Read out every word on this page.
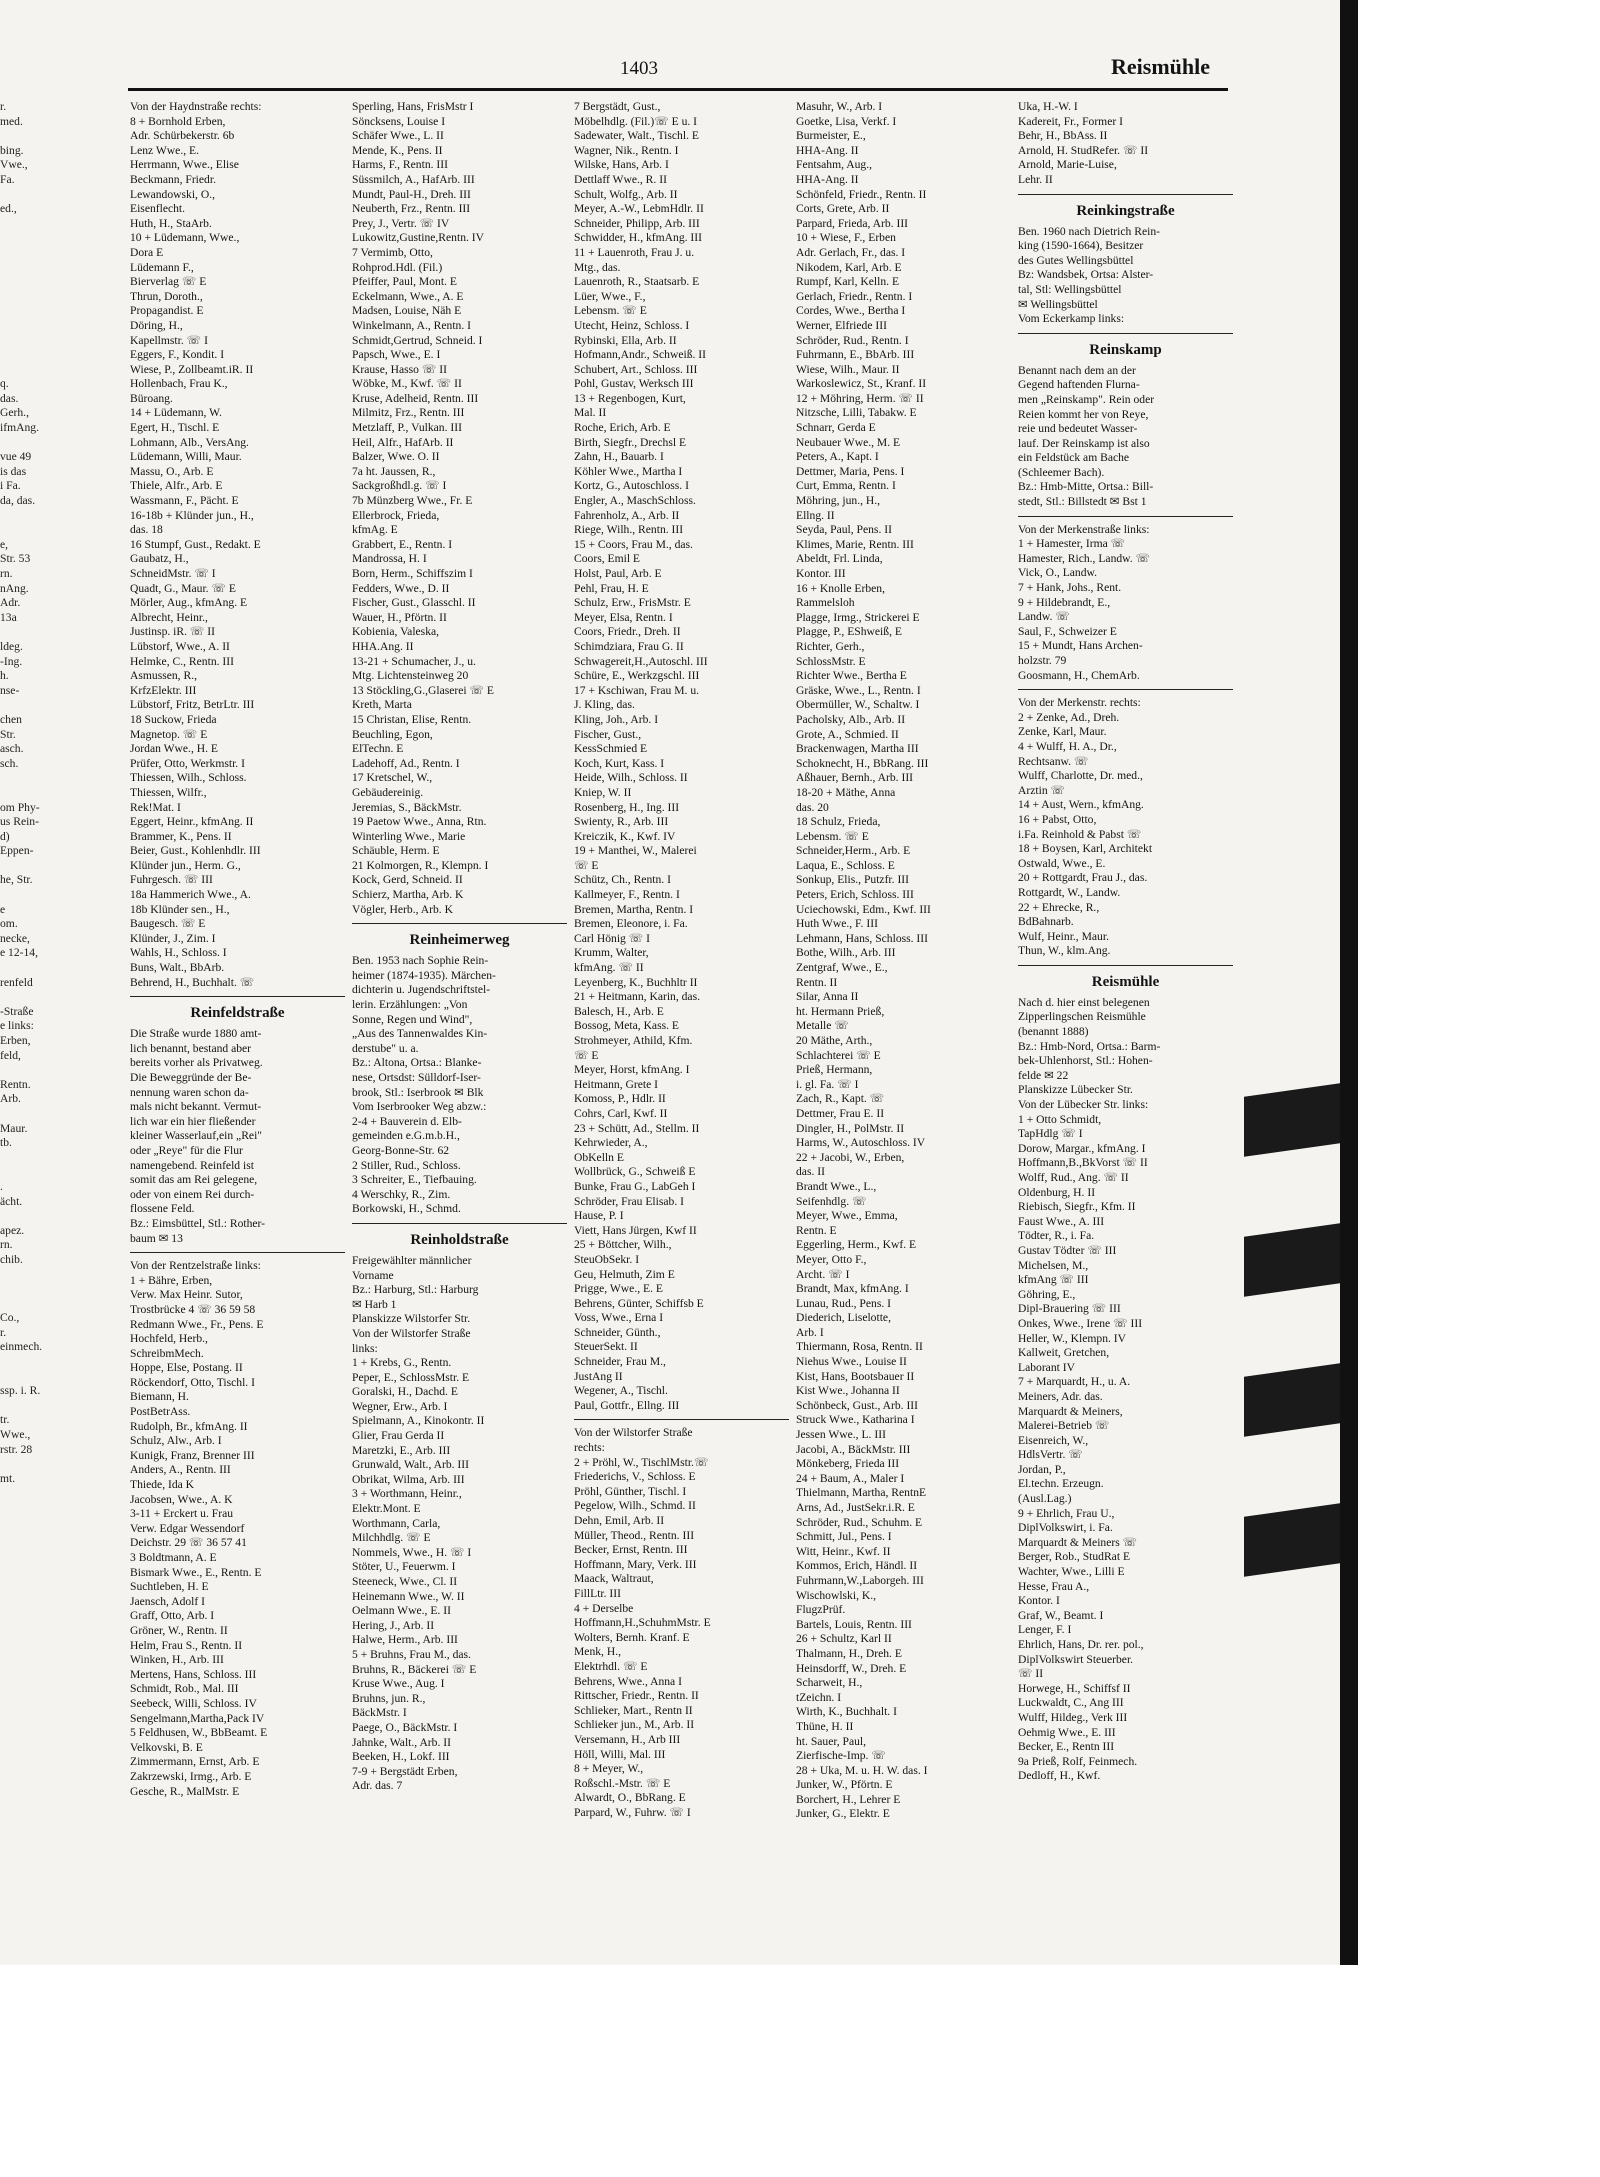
1403	Reismühle
r.
med.

bing.
Vwe.,
Fa.

ed.,

q.
das.
Gerh.,
ifmAng.

vue 49
is das
i Fa.
da, das.

e,
Str. 53
rn.
nAng.
Adr.
13a

ldeg.
-Ing.
h.
nse-

chen
Str.
asch.
sch.

om Phy-
us Rein-
d)
Eppen-

he, Str.

e
om.
necke,
e 12-14,

renfeld

-Straße
e links:
Erben,
feld,

Rentn.
Arb.

Maur.
tb.

.
ächt.

apez.
rn.
chib.

Co.,
r.
einmech.

ssp. i. R.

tr.
Wwe.,
rstr. 28

mt.
Von der Haydnstraße rechts:
8 + Bornhold Erben,
Adr. Schürbekerstr. 6b
Lenz Wwe., E.
Herrmann, Wwe., Elise
Beckmann, Friedr.
Lewandowski, O.,
Eisenflecht.
Huth, H., StaArb.
10 + Lüdemann, Wwe.,
Dora E
Lüdemann F.,
Bierverlag ☏ E
Thrun, Doroth.,
Propagandist. E
Döring, H.,
Kapellmstr. ☏ I
Eggers, F., Kondit. I
Wiese, P., Zollbeamt.iR. II
Hollenbach, Frau K.,
Büroang.
14 + Lüdemann, W.
Egert, H., Tischl. E
Lohmann, Alb., VersAng.
Lüdemann, Willi, Maur.
Massu, O., Arb. E
Thiele, Alfr., Arb. E
Wassmann, F., Pächt. E
16-18b + Klünder jun., H.,
das. 18
16 Stumpf, Gust., Redakt. E
Gaubatz, H.,
SchneidMstr. ☏ I
Quadt, G., Maur. ☏ E
Mörler, Aug., kfmAng. E
Albrecht, Heinr.,
Justinsp. iR. ☏ II
Lübstorf, Wwe., A. II
Helmke, C., Rentn. III
Asmussen, R.,
KrfzElektr. III
Lübstorf, Fritz, BetrLtr. III
18 Suckow, Frieda
Magnetop. ☏ E
Jordan Wwe., H. E
Prüfer, Otto, Werkmstr. I
Thiessen, Wilh., Schloss.
Thiessen, Wilfr.,
Rek!Mat. I
Eggert, Heinr., kfmAng. II
Brammer, K., Pens. II
Beier, Gust., Kohlenhdlr. III
Klünder jun., Herm. G.,
Fuhrgesch. ☏ III
18a Hammerich Wwe., A.
18b Klünder sen., H.,
Baugesch. ☏ E
Klünder, J., Zim. I
Wahls, H., Schloss. I
Buns, Walt., BbArb.
Behrend, H., Buchhalt. ☏
Reinfeldstraße
Die Straße wurde 1880 amt-
lich benannt, bestand aber
bereits vorher als Privatweg.
Die Beweggründe der Be-
nennung waren schon da-
mals nicht bekannt. Vermut-
lich war ein hier fließender
kleiner Wasserlauf,ein „Rei"
oder „Reye" für die Flur
namengebend. Reinfeld ist
somit das am Rei gelegene,
oder von einem Rei durch-
flossene Feld.
Bz.: Eimsbüttel, Stl.: Rother-
baum ✉ 13
Von der Rentzelstraße links:
1 + Bähre, Erben,
Verw. Max Heinr. Sutor,
Trostbrücke 4 ☏ 36 59 58
Redmann Wwe., Fr., Pens. E
Hochfeld, Herb.,
SchreibmMech.
Hoppe, Else, Postang. II
Röckendorf, Otto, Tischl. I
Biemann, H.
PostBetrAss.
Rudolph, Br., kfmAng. II
Schulz, Alw., Arb. I
Kunigk, Franz, Brenner III
Anders, A., Rentn. III
Thiede, Ida K
Jacobsen, Wwe., A. K
3-11 + Erckert u. Frau
Verw. Edgar Wessendorf
Deichstr. 29 ☏ 36 57 41
3 Boldtmann, A. E
Bismark Wwe., E., Rentn. E
Suchtleben, H. E
Jaensch, Adolf I
Graff, Otto, Arb. I
Gröner, W., Rentn. II
Helm, Frau S., Rentn. II
Winken, H., Arb. III
Mertens, Hans, Schloss. III
Schmidt, Rob., Mal. III
Seebeck, Willi, Schloss. IV
Sengelmann,Martha,Pack IV
5 Feldhusen, W., BbBeamt. E
Velkovski, B. E
Zimmermann, Ernst, Arb. E
Zakrzewski, Irmg., Arb. E
Gesche, R., MalMstr. E
Sperling, Hans, FrisMstr I
Söncksens, Louise I
Schäfer Wwe., L. II
Mende, K., Pens. II
Harms, F., Rentn. III
Süssmilch, A., HafArb. III
Mundt, Paul-H., Dreh. III
Neuberth, Frz., Rentn. III
Prey, J., Vertr. ☏ IV
Lukowitz,Gustine,Rentn. IV
7 Vermimb, Otto,
Rohprod.Hdl. (Fil.)
Pfeiffer, Paul, Mont. E
Eckelmann, Wwe., A. E
Madsen, Louise, Näh E
Winkelmann, A., Rentn. I
Schmidt,Gertrud, Schneid. I
Papsch, Wwe., E. I
Krause, Hasso ☏ II
Wöbke, M., Kwf. ☏ II
Kruse, Adelheid, Rentn. III
Milmitz, Frz., Rentn. III
Metzlaff, P., Vulkan. III
Heil, Alfr., HafArb. II
Balzer, Wwe. O. II
7a ht. Jaussen, R.,
Sackgroßhdl.g. ☏ I
7b Münzberg Wwe., Fr. E
Ellerbrock, Frieda,
kfmAg. E
Grabbert, E., Rentn. I
Mandrossa, H. I
Born, Herm., Schiffszim I
Fedders, Wwe., D. II
Fischer, Gust., Glasschl. II
Wauer, H., Pförtn. II
Kobienia, Valeska,
HHA.Ang. II
13-21 + Schumacher, J., u.
Mtg. Lichtensteinweg 20
13 Stöckling,G.,Glaserei ☏ E
Kreth, Marta
15 Christan, Elise, Rentn.
Beuchling, Egon,
ElTechn. E
Ladehoff, Ad., Rentn. I
17 Kretschel, W.,
Gebäudereinig.
Jeremias, S., BäckMstr.
19 Paetow Wwe., Anna, Rtn.
Winterling Wwe., Marie
Schäuble, Herm. E
21 Kolmorgen, R., Klempn. I
Kock, Gerd, Schneid. II
Schierz, Martha, Arb. K
Vögler, Herb., Arb. K
Reinheimerweg
Ben. 1953 nach Sophie Rein-
heimer (1874-1935). Märchen-
dichterin u. Jugendschriftstel-
lerin. Erzählungen: „Von
Sonne, Regen und Wind",
„Aus des Tannenwaldes Kin-
derstube" u. a.
Bz.: Altona, Ortsa.: Blanke-
nese, Ortsdst: Sülldorf-Iser-
brook, Stl.: Iserbrook ✉ Blk
Vom Iserbrooker Weg abzw.:
2-4 + Bauverein d. Elb-
gemeinden e.G.m.b.H.,
Georg-Bonne-Str. 62
2 Stiller, Rud., Schloss.
3 Schreiter, E., Tiefbauing.
4 Werschky, R., Zim.
Borkowski, H., Schmd.
Reinholdstraße
Freigewählter männlicher
Vorname
Bz.: Harburg, Stl.: Harburg
✉ Harb 1
Planskizze Wilstorfer Str.
Von der Wilstorfer Straße
links:
1 + Krebs, G., Rentn.
Peper, E., SchlossMstr. E
Goralski, H., Dachd. E
Wegner, Erw., Arb. I
Spielmann, A., Kinokontr. II
Glier, Frau Gerda II
Maretzki, E., Arb. III
Grunwald, Walt., Arb. III
Obrikat, Wilma, Arb. III
3 + Worthmann, Heinr.,
Elektr.Mont. E
Worthmann, Carla,
Milchhdlg. ☏ E
Nommels, Wwe., H. ☏ I
Stöter, U., Feuerwm. I
Steeneck, Wwe., Cl. II
Heinemann Wwe., W. II
Oelmann Wwe., E. II
Hering, J., Arb. II
Halwe, Herm., Arb. III
5 + Bruhns, Frau M., das.
Bruhns, R., Bäckerei ☏ E
Kruse Wwe., Aug. I
Bruhns, jun. R.,
BäckMstr. I
Paege, O., BäckMstr. I
Jahnke, Walt., Arb. II
Beeken, H., Lokf. III
7-9 + Bergstädt Erben,
Adr. das. 7
7 Bergstädt, Gust.,
Möbelhdlg. (Fil.)☏ E u. I
Sadewater, Walt., Tischl. E
Wagner, Nik., Rentn. I
Wilske, Hans, Arb. I
Dettlaff Wwe., R. II
Schult, Wolfg., Arb. II
Meyer, A.-W., LebmHdlr. II
Schneider, Philipp, Arb. III
Schwidder, H., kfmAng. III
11 + Lauenroth, Frau J. u.
Mtg., das.
Lauenroth, R., Staatsarb. E
Lüer, Wwe., F.,
Lebensm. ☏ E
Utecht, Heinz, Schloss. I
Rybinski, Ella, Arb. II
Hofmann,Andr., Schweiß. II
Schubert, Art., Schloss. III
Pohl, Gustav, Werksch III
13 + Regenbogen, Kurt,
Mal. II
Roche, Erich, Arb. E
Birth, Siegfr., Drechsl E
Zahn, H., Bauarb. I
Köhler Wwe., Martha I
Kortz, G., Autoschloss. I
Engler, A., MaschSchloss.
Fahrenholz, A., Arb. II
Riege, Wilh., Rentn. III
15 + Coors, Frau M., das.
Coors, Emil E
Holst, Paul, Arb. E
Pehl, Frau, H. E
Schulz, Erw., FrisMstr. E
Meyer, Elsa, Rentn. I
Coors, Friedr., Dreh. II
Schimdziara, Frau G. II
Schwagereit,H.,Autoschl. III
Schüre, E., Werkzgschl. III
17 + Kschiwan, Frau M. u.
J. Kling, das.
Kling, Joh., Arb. I
Fischer, Gust.,
KessSchmied E
Koch, Kurt, Kass. I
Heide, Wilh., Schloss. II
Kniep, W. II
Rosenberg, H., Ing. III
Swienty, R., Arb. III
Kreiczik, K., Kwf. IV
19 + Manthei, W., Malerei
☏ E
Schütz, Ch., Rentn. I
Kallmeyer, F., Rentn. I
Bremen, Martha, Rentn. I
Bremen, Eleonore, i. Fa.
Carl Hönig ☏ I
Krumm, Walter,
kfmAng. ☏ II
Leyenberg, K., Buchhltr II
21 + Heitmann, Karin, das.
Balesch, H., Arb. E
Bossog, Meta, Kass. E
Strohmeyer, Athild, Kfm.
☏ E
Meyer, Horst, kfmAng. I
Heitmann, Grete I
Komoss, P., Hdlr. II
Cohrs, Carl, Kwf. II
23 + Schütt, Ad., Stellm. II
Kehrwieder, A.,
ObKelln E
Wollbrück, G., Schweiß E
Bunke, Frau G., LabGeh I
Schröder, Frau Elisab. I
Hause, P. I
Viett, Hans Jürgen, Kwf II
25 + Böttcher, Wilh.,
SteuObSekr. I
Geu, Helmuth, Zim E
Prigge, Wwe., E. E
Behrens, Günter, Schiffsb E
Voss, Wwe., Erna I
Schneider, Günth.,
SteuerSekt. II
Schneider, Frau M.,
JustAng II
Wegener, A., Tischl.
Paul, Gottfr., Ellng. III
Von der Wilstorfer Straße
rechts:
2 + Pröhl, W., TischlMstr.☏
Friederichs, V., Schloss. E
Pröhl, Günther, Tischl. I
Pegelow, Wilh., Schmd. II
Dehn, Emil, Arb. II
Müller, Theod., Rentn. III
Becker, Ernst, Rentn. III
Hoffmann, Mary, Verk. III
Maack, Waltraut,
FillLtr. III
4 + Derselbe
Hoffmann,H.,SchuhmMstr. E
Wolters, Bernh. Kranf. E
Menk, H.,
Elektrhdl. ☏ E
Behrens, Wwe., Anna I
Rittscher, Friedr., Rentn. II
Schlieker, Mart., Rentn II
Schlieker jun., M., Arb. II
Versemann, H., Arb III
Höll, Willi, Mal. III
8 + Meyer, W.,
Roßschl.-Mstr. ☏ E
Alwardt, O., BbRang. E
Parpard, W., Fuhrw. ☏ I
Masuhr, W., Arb. I
Goetke, Lisa, Verkf. I
Burmeister, E.,
HHA-Ang. II
Fentsahm, Aug.,
HHA-Ang. II
Schönfeld, Friedr., Rentn. II
Corts, Grete, Arb. II
Parpard, Frieda, Arb. III
10 + Wiese, F., Erben
Adr. Gerlach, Fr., das. I
Nikodem, Karl, Arb. E
Rumpf, Karl, Kelln. E
Gerlach, Friedr., Rentn. I
Cordes, Wwe., Bertha I
Werner, Elfriede III
Schröder, Rud., Rentn. I
Fuhrmann, E., BbArb. III
Wiese, Wilh., Maur. II
Warkoslewicz, St., Kranf. II
12 + Möhring, Herm. ☏ II
Nitzsche, Lilli, Tabakw. E
Schnarr, Gerda E
Neubauer Wwe., M. E
Peters, A., Kapt. I
Dettmer, Maria, Pens. I
Curt, Emma, Rentn. I
Möhring, jun., H.,
Ellng. II
Seyda, Paul, Pens. II
Klimes, Marie, Rentn. III
Abeldt, Frl. Linda,
Kontor. III
16 + Knolle Erben,
Rammelsloh
Plagge, Irmg., Strickerei E
Plagge, P., EShweiß, E
Richter, Gerh.,
SchlossMstr. E
Richter Wwe., Bertha E
Gräske, Wwe., L., Rentn. I
Obermüller, W., Schaltw. I
Pacholsky, Alb., Arb. II
Grote, A., Schmied. II
Brackenwagen, Martha III
Schoknecht, H., BbRang. III
Aßhauer, Bernh., Arb. III
18-20 + Mäthe, Anna
das. 20
18 Schulz, Frieda,
Lebensm. ☏ E
Schneider,Herm., Arb. E
Laqua, E., Schloss. E
Sonkup, Elis., Putzfr. III
Peters, Erich, Schloss. III
Uciechowski, Edm., Kwf. III
Huth Wwe., F. III
Lehmann, Hans, Schloss. III
Bothe, Wilh., Arb. III
Zentgraf, Wwe., E.,
Rentn. II
Silar, Anna II
ht. Hermann Prieß,
Metalle ☏
20 Mäthe, Arth.,
Schlachterei ☏ E
Prieß, Hermann,
i. gl. Fa. ☏ I
Zach, R., Kapt. ☏
Dettmer, Frau E. II
Dingler, H., PolMstr. II
Harms, W., Autoschloss. IV
22 + Jacobi, W., Erben,
das. II
Brandt Wwe., L.,
Seifenhdlg. ☏
Meyer, Wwe., Emma,
Rentn. E
Eggerling, Herm., Kwf. E
Meyer, Otto F.,
Archt. ☏ I
Brandt, Max, kfmAng. I
Lunau, Rud., Pens. I
Diederich, Liselotte,
Arb. I
Thiermann, Rosa, Rentn. II
Niehus Wwe., Louise II
Kist, Hans, Bootsbauer II
Kist Wwe., Johanna II
Schönbeck, Gust., Arb. III
Struck Wwe., Katharina I
Jessen Wwe., L. III
Jacobi, A., BäckMstr. III
Mönkeberg, Frieda III
24 + Baum, A., Maler I
Thielmann, Martha, RentnE
Arns, Ad., JustSekr.i.R. E
Schröder, Rud., Schuhm. E
Schmitt, Jul., Pens. I
Witt, Heinr., Kwf. II
Kommos, Erich, Händl. II
Fuhrmann,W.,Laborgeh. III
Wischowlski, K.,
FlugzPrüf.
Bartels, Louis, Rentn. III
26 + Schultz, Karl II
Thalmann, H., Dreh. E
Heinsdorff, W., Dreh. E
Scharweit, H.,
tZeichn. I
Wirth, K., Buchhalt. I
Thüne, H. II
ht. Sauer, Paul,
Zierfische-Imp. ☏
28 + Uka, M. u. H. W. das. I
Junker, W., Pförtn. E
Borchert, H., Lehrer E
Junker, G., Elektr. E
Uka, H.-W. I
Kadereit, Fr., Former I
Behr, H., BbAss. II
Arnold, H. StudRefer. ☏ II
Arnold, Marie-Luise,
Lehr. II
Reinkingstraße
Ben. 1960 nach Dietrich Rein-
king (1590-1664), Besitzer
des Gutes Wellingsbüttel
Bz: Wandsbek, Ortsa: Alster-
tal, Stl: Wellingsbüttel
✉ Wellingsbüttel
Vom Eckerkamp links:
Reinskamp
Benannt nach dem an der
Gegend haftenden Flurna-
men „Reinskamp". Rein oder
Reien kommt her von Reye,
reie und bedeutet Wasser-
lauf. Der Reinskamp ist also
ein Feldstück am Bache
(Schleemer Bach).
Bz.: Hmb-Mitte, Ortsa.: Bill-
stedt, Stl.: Billstedt ✉ Bst 1
Von der Merkenstraße links:
1 + Hamester, Irma ☏
Hamester, Rich., Landw. ☏
Vick, O., Landw.
7 + Hank, Johs., Rent.
9 + Hildebrandt, E.,
Landw. ☏
Saul, F., Schweizer E
15 + Mundt, Hans Archen-
holzstr. 79
Goosmann, H., ChemArb.
Von der Merkenstr. rechts:
2 + Zenke, Ad., Dreh.
Zenke, Karl, Maur.
4 + Wulff, H. A., Dr.,
Rechtsanw. ☏
Wulff, Charlotte, Dr. med.,
Arztin ☏
14 + Aust, Wern., kfmAng.
16 + Pabst, Otto,
i.Fa. Reinhold & Pabst ☏
18 + Boysen, Karl, Architekt
Ostwald, Wwe., E.
20 + Rottgardt, Frau J., das.
Rottgardt, W., Landw.
22 + Ehrecke, R.,
BdBahnarb.
Wulf, Heinr., Maur.
Thun, W., klm.Ang.
Reismühle
Nach d. hier einst belegenen
Zipperlingschen Reismühle
(benannt 1888)
Bz.: Hmb-Nord, Ortsa.: Barm-
bek-Uhlenhorst, Stl.: Hohen-
felde ✉ 22
Planskizze Lübecker Str.
Von der Lübecker Str. links:
1 + Otto Schmidt,
TapHdlg ☏ I
Dorow, Margar., kfmAng. I
Hoffmann,B.,BkVorst ☏ II
Wolff, Rud., Ang. ☏ II
Oldenburg, H. II
Riebisch, Siegfr., Kfm. II
Faust Wwe., A. III
Tödter, R., i. Fa.
Gustav Tödter ☏ III
Michelsen, M.,
kfmAng ☏ III
Göhring, E.,
Dipl-Brauering ☏ III
Onkes, Wwe., Irene ☏ III
Heller, W., Klempn. IV
Kallweit, Gretchen,
Laborant IV
7 + Marquardt, H., u. A.
Meiners, Adr. das.
Marquardt & Meiners,
Malerei-Betrieb ☏
Eisenreich, W.,
HdlsVertr. ☏
Jordan, P.,
El.techn. Erzeugn.
(Ausl.Lag.)
9 + Ehrlich, Frau U.,
DiplVolkswirt, i. Fa.
Marquardt & Meiners ☏
Berger, Rob., StudRat E
Wachter, Wwe., Lilli E
Hesse, Frau A.,
Kontor. I
Graf, W., Beamt. I
Lenger, F. I
Ehrlich, Hans, Dr. rer. pol.,
DiplVolkswirt Steuerber.
☏ II
Horwege, H., Schiffsf II
Luckwaldt, C., Ang III
Wulff, Hildeg., Verk III
Oehmig Wwe., E. III
Becker, E., Rentn III
9a Prieß, Rolf, Feinmech.
Dedloff, H., Kwf.
